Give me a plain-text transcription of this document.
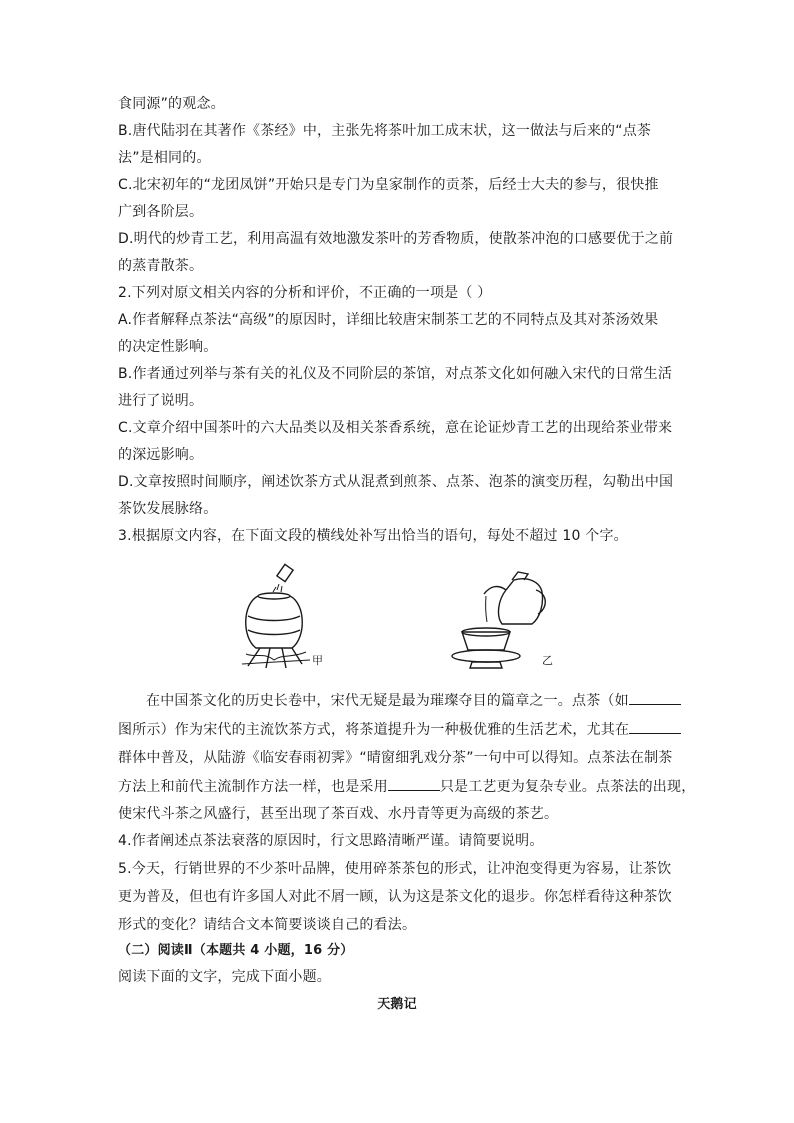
食同源”的观念。
B.唐代陆羽在其著作《茶经》中，主张先将茶叶加工成末状，这一做法与后来的“点茶
法”是相同的。
C.北宋初年的“龙团凤饼”开始只是专门为皇家制作的贡茶，后经士大夫的参与，很快推
广到各阶层。
D.明代的炒青工艺，利用高温有效地激发茶叶的芳香物质，使散茶冲泡的口感要优于之前
的蒸青散茶。
2.下列对原文相关内容的分析和评价，不正确的一项是（ ）
A.作者解释点茶法“高级”的原因时，详细比较唐宋制茶工艺的不同特点及其对茶汤效果
的决定性影响。
B.作者通过列举与茶有关的礼仪及不同阶层的茶馆，对点茶文化如何融入宋代的日常生活
进行了说明。
C.文章介绍中国茶叶的六大品类以及相关茶香系统，意在论证炒青工艺的出现给茶业带来
的深远影响。
D.文章按照时间顺序，阐述饮茶方式从混煮到煎茶、点茶、泡茶的演变历程，勾勒出中国
茶饮发展脉络。
3.根据原文内容，在下面文段的横线处补写出恰当的语句，每处不超过 10 个字。
甲	乙
在中国茶文化的历史长卷中，宋代无疑是最为璀璨夺目的篇章之一。点茶（如
图所示）作为宋代的主流饮茶方式，将茶道提升为一种极优雅的生活艺术，尤其在
群体中普及，从陆游《临安春雨初霁》“晴窗细乳戏分茶”一句中可以得知。点茶法在制茶
方法上和前代主流制作方法一样，也是采用	只是工艺更为复杂专业。点茶法的出现，
使宋代斗茶之风盛行，甚至出现了茶百戏、水丹青等更为高级的茶艺。
4.作者阐述点茶法衰落的原因时，行文思路清晰严谨。请简要说明。
5.今天，行销世界的不少茶叶品牌，使用碎茶茶包的形式，让冲泡变得更为容易，让茶饮
更为普及，但也有许多国人对此不屑一顾，认为这是茶文化的退步。你怎样看待这种茶饮
形式的变化？请结合文本简要谈谈自己的看法。
（二）阅读Ⅱ（本题共 4 小题，16 分）
阅读下面的文字，完成下面小题。
天鹅记
